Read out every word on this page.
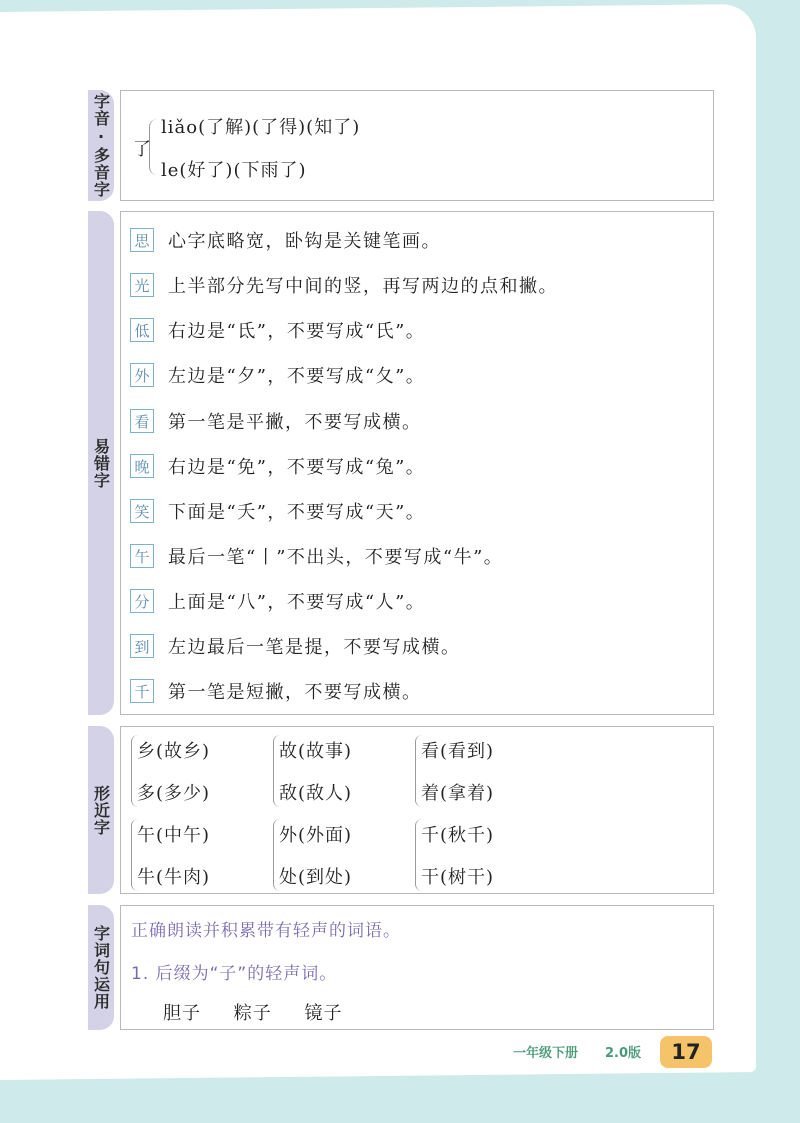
字音·多音字 了
liǎo(了解)(了得)(知了)
le(好了)(下雨了)
易错字
思 心字底略宽，卧钩是关键笔画。
光 上半部分先写中间的竖，再写两边的点和撇。
低 右边是“氐”，不要写成“氏”。
外 左边是“夕”，不要写成“夂”。
看 第一笔是平撇，不要写成横。
晚 右边是“免”，不要写成“兔”。
笑 下面是“夭”，不要写成“天”。
午 最后一笔“丨”不出头，不要写成“牛”。
分 上面是“八”，不要写成“人”。
到 左边最后一笔是提，不要写成横。
千 第一笔是短撇，不要写成横。
形近字
乡(故乡)
多(多少)
故(故事)
敌(敌人)
看(看到)
着(拿着)
午(中午)
牛(牛肉)
外(外面)
处(到处)
千(秋千)
干(树干)
字词句运用 正确朗读并积累带有轻声的词语。
1. 后缀为“子”的轻声词。
胆子 粽子 镜子
一年级下册 2.0版	17
